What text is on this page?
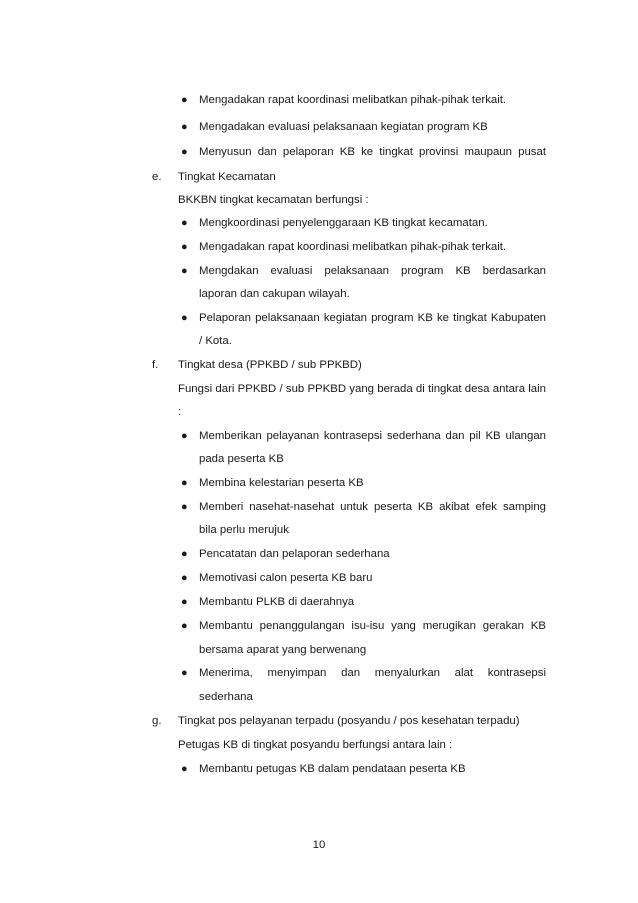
● Mengadakan rapat koordinasi melibatkan pihak-pihak terkait.
● Mengadakan evaluasi pelaksanaan kegiatan program KB
● Menyusun dan pelaporan KB ke tingkat provinsi maupaun pusat
e. Tingkat Kecamatan
BKKBN tingkat kecamatan berfungsi :
● Mengkoordinasi penyelenggaraan KB tingkat kecamatan.
● Mengadakan rapat koordinasi melibatkan pihak-pihak terkait.
● Mengdakan evaluasi pelaksanaan program KB berdasarkan
laporan dan cakupan wilayah.
● Pelaporan pelaksanaan kegiatan program KB ke tingkat Kabupaten
/ Kota.
f. Tingkat desa (PPKBD / sub PPKBD)
Fungsi dari PPKBD / sub PPKBD yang berada di tingkat desa antara lain
:
● Memberikan pelayanan kontrasepsi sederhana dan pil KB ulangan
pada peserta KB
● Membina kelestarian peserta KB
● Memberi nasehat-nasehat untuk peserta KB akibat efek samping
bila perlu merujuk
● Pencatatan dan pelaporan sederhana
● Memotivasi calon peserta KB baru
● Membantu PLKB di daerahnya
● Membantu penanggulangan isu-isu yang merugikan gerakan KB
bersama aparat yang berwenang
● Menerima, menyimpan dan menyalurkan alat kontrasepsi
sederhana
g. Tingkat pos pelayanan terpadu (posyandu / pos kesehatan terpadu)
Petugas KB di tingkat posyandu berfungsi antara lain :
● Membantu petugas KB dalam pendataan peserta KB
10
